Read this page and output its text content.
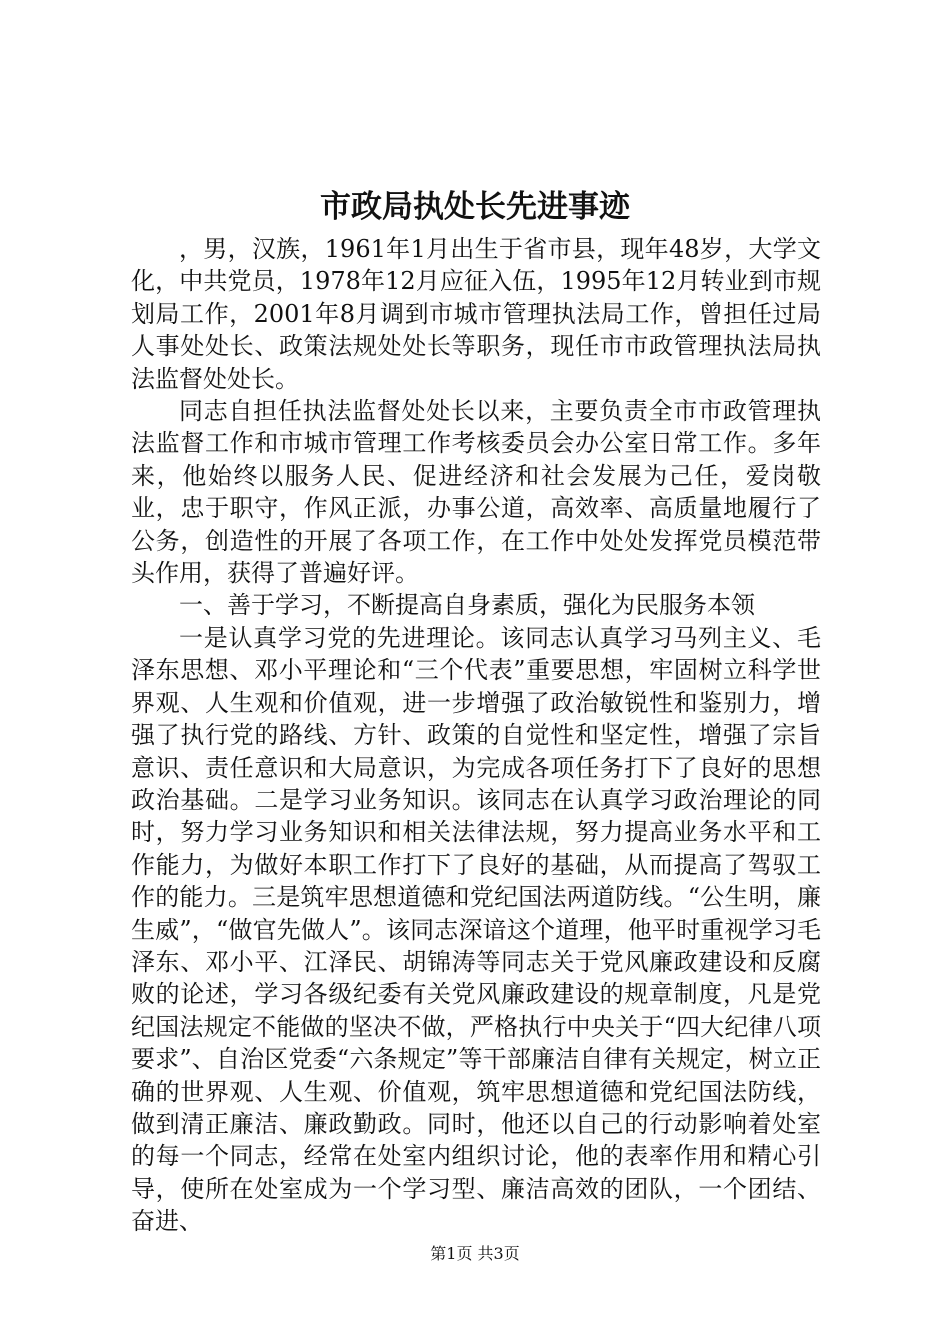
市政局执处长先进事迹

，男，汉族，1961年1月出生于省市县，现年48岁，大学文化，中共党员，1978年12月应征入伍，1995年12月转业到市规划局工作，2001年8月调到市城市管理执法局工作，曾担任过局人事处处长、政策法规处处长等职务，现任市市政管理执法局执法监督处处长。

同志自担任执法监督处处长以来，主要负责全市市政管理执法监督工作和市城市管理工作考核委员会办公室日常工作。多年来，他始终以服务人民、促进经济和社会发展为己任，爱岗敬业，忠于职守，作风正派，办事公道，高效率、高质量地履行了公务，创造性的开展了各项工作，在工作中处处发挥党员模范带头作用，获得了普遍好评。

一、善于学习，不断提高自身素质，强化为民服务本领

一是认真学习党的先进理论。该同志认真学习马列主义、毛泽东思想、邓小平理论和“三个代表”重要思想，牢固树立科学世界观、人生观和价值观，进一步增强了政治敏锐性和鉴别力，增强了执行党的路线、方针、政策的自觉性和坚定性，增强了宗旨意识、责任意识和大局意识，为完成各项任务打下了良好的思想政治基础。二是学习业务知识。该同志在认真学习政治理论的同时，努力学习业务知识和相关法律法规，努力提高业务水平和工作能力，为做好本职工作打下了良好的基础，从而提高了驾驭工作的能力。三是筑牢思想道德和党纪国法两道防线。“公生明，廉生威”，“做官先做人”。该同志深谙这个道理，他平时重视学习毛泽东、邓小平、江泽民、胡锦涛等同志关于党风廉政建设和反腐败的论述，学习各级纪委有关党风廉政建设的规章制度，凡是党纪国法规定不能做的坚决不做，严格执行中央关于“四大纪律八项要求”、自治区党委“六条规定”等干部廉洁自律有关规定，树立正确的世界观、人生观、价值观，筑牢思想道德和党纪国法防线，做到清正廉洁、廉政勤政。同时，他还以自己的行动影响着处室的每一个同志，经常在处室内组织讨论，他的表率作用和精心引导，使所在处室成为一个学习型、廉洁高效的团队，一个团结、奋进、

第1页 共3页
